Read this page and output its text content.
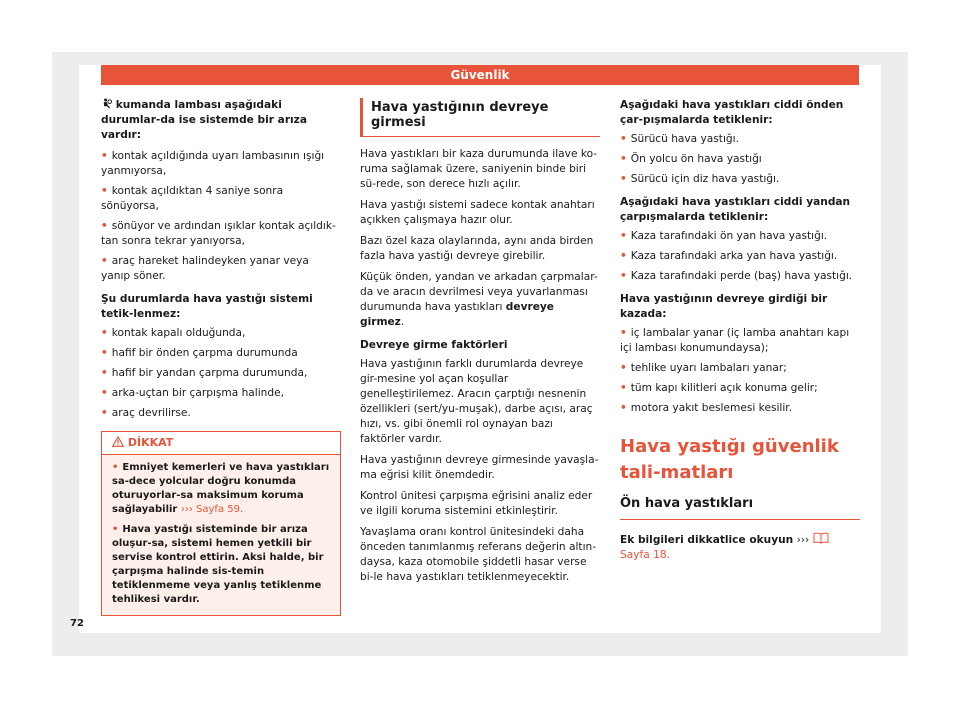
Güvenlik

kumanda lambası aşağıdaki durumlar-da ise sistemde bir arıza vardır:

• kontak açıldığında uyarı lambasının ışığı yanmıyorsa,

• kontak açıldıktan 4 saniye sonra sönüyorsa,

• sönüyor ve ardından ışıklar kontak açıldık-tan sonra tekrar yanıyorsa,

• araç hareket halindeyken yanar veya yanıp söner.

Şu durumlarda hava yastığı sistemi tetik-lenmez:

• kontak kapalı olduğunda,

• hafif bir önden çarpma durumunda

• hafif bir yandan çarpma durumunda,

• arka-uçtan bir çarpışma halinde,

• araç devrilirse.

DİKKAT

• Emniyet kemerleri ve hava yastıkları sa-dece yolcular doğru konumda oturuyorlar-sa maksimum koruma sağlayabilir ››› Sayfa 59.

• Hava yastığı sisteminde bir arıza oluşur-sa, sistemi hemen yetkili bir servise kontrol ettirin. Aksi halde, bir çarpışma halinde sis-temin tetiklenmeme veya yanlış tetiklenme tehlikesi vardır.

Hava yastığının devreye girmesi

Hava yastıkları bir kaza durumunda ilave ko-ruma sağlamak üzere, saniyenin binde biri sü-rede, son derece hızlı açılır.

Hava yastığı sistemi sadece kontak anahtarı açıkken çalışmaya hazır olur.

Bazı özel kaza olaylarında, aynı anda birden fazla hava yastığı devreye girebilir.

Küçük önden, yandan ve arkadan çarpmalar-da ve aracın devrilmesi veya yuvarlanması durumunda hava yastıkları devreye girmez.

Devreye girme faktörleri

Hava yastığının farklı durumlarda devreye gir-mesine yol açan koşullar genelleştirilemez. Aracın çarptığı nesnenin özellikleri (sert/yu-muşak), darbe açısı, araç hızı, vs. gibi önemli rol oynayan bazı faktörler vardır.

Hava yastığının devreye girmesinde yavaşla-ma eğrisi kilit önemdedir.

Kontrol ünitesi çarpışma eğrisini analiz eder ve ilgili koruma sistemini etkinleştirir.

Yavaşlama oranı kontrol ünitesindeki daha önceden tanımlanmış referans değerin altın-daysa, kaza otomobile şiddetli hasar verse bi-le hava yastıkları tetiklenmeyecektir.

Aşağıdaki hava yastıkları ciddi önden çar-pışmalarda tetiklenir:

• Sürücü hava yastığı.

• Ön yolcu ön hava yastığı

• Sürücü için diz hava yastığı.

Aşağıdaki hava yastıkları ciddi yandan çarpışmalarda tetiklenir:

• Kaza tarafındaki ön yan hava yastığı.

• Kaza tarafındaki arka yan hava yastığı.

• Kaza tarafındaki perde (baş) hava yastığı.

Hava yastığının devreye girdiği bir kazada:

• iç lambalar yanar (iç lamba anahtarı kapı içi lambası konumundaysa);

• tehlike uyarı lambaları yanar;

• tüm kapı kilitleri açık konuma gelir;

• motora yakıt beslemesi kesilir.

Hava yastığı güvenlik tali-matları
Ön hava yastıkları

Ek bilgileri dikkatlice okuyun ›››  Sayfa 18.

72
